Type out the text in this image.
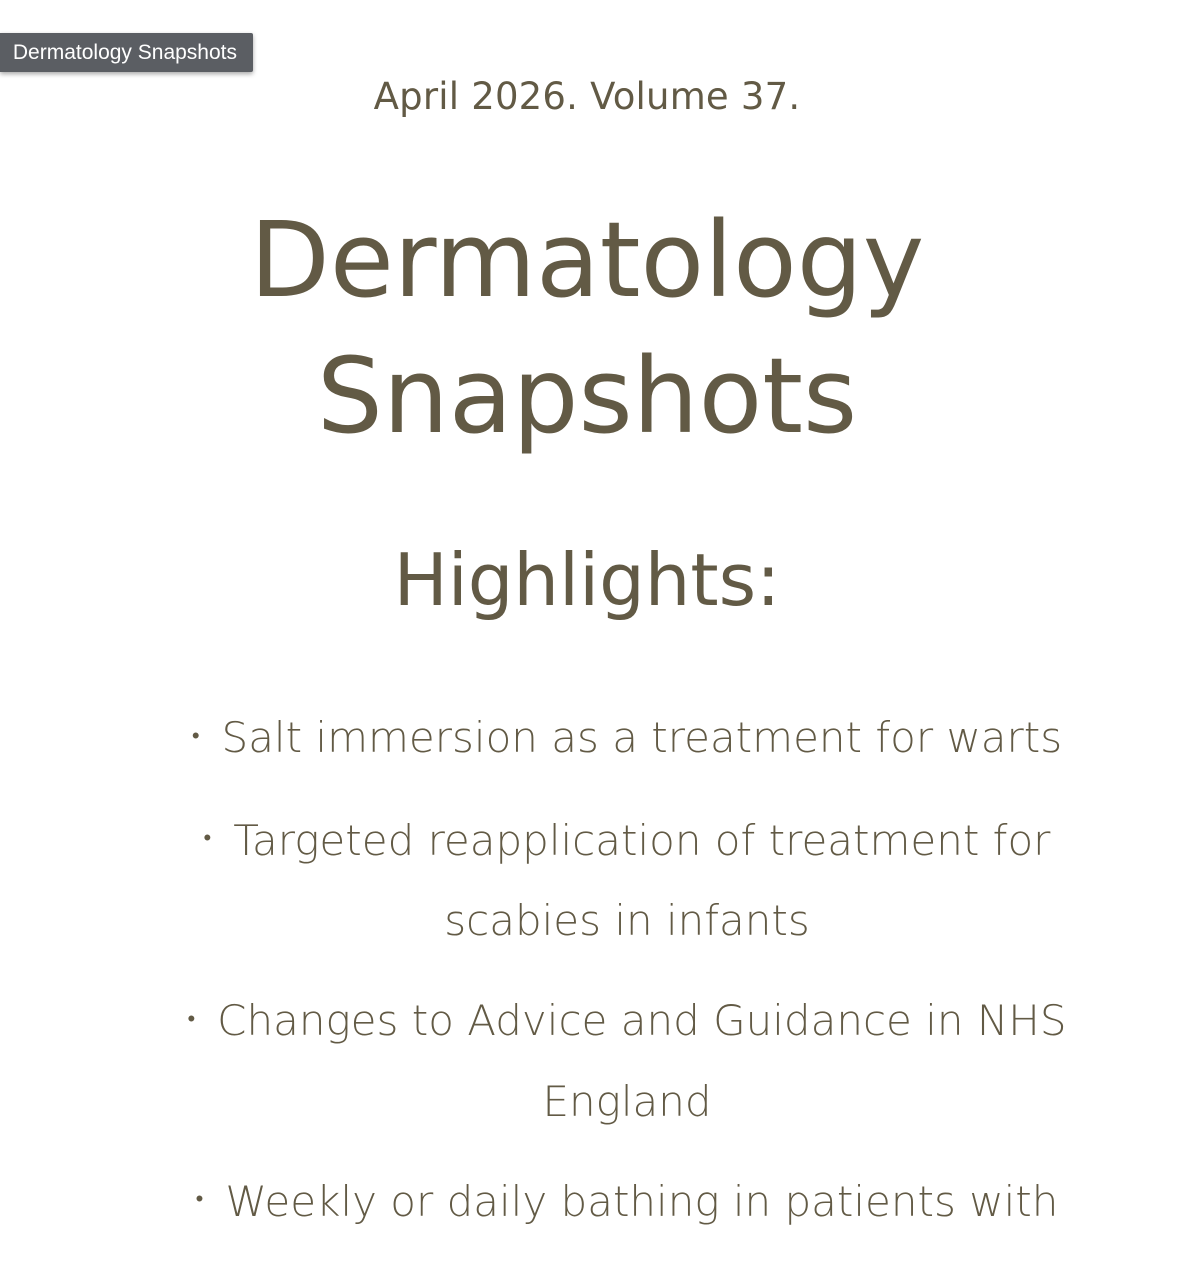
Dermatology Snapshots
April 2026. Volume 37.
Dermatology
Snapshots
Highlights:
• Salt immersion as a treatment for warts
• Targeted reapplication of treatment for scabies in infants
• Changes to Advice and Guidance in NHS England
• Weekly or daily bathing in patients with
